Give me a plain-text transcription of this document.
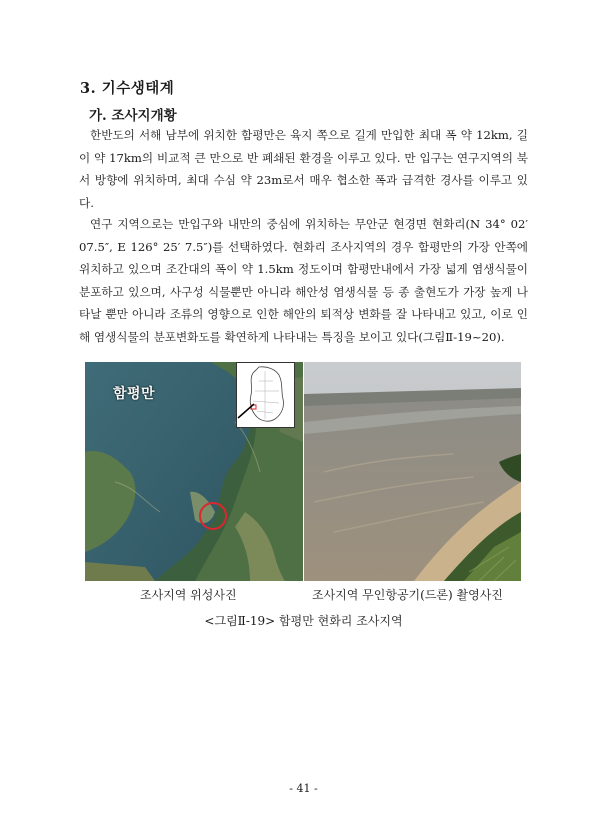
3. 기수생태계
가. 조사지개황

한반도의 서해 남부에 위치한 함평만은 육지 쪽으로 길게 만입한 최대 폭 약 12km, 길이 약 17km의 비교적 큰 만으로 반 폐쇄된 환경을 이루고 있다. 만 입구는 연구지역의 북서 방향에 위치하며, 최대 수심 약 23m로서 매우 협소한 폭과 급격한 경사를 이루고 있다.

연구 지역으로는 만입구와 내만의 중심에 위치하는 무안군 현경면 현화리(N 34° 02′ 07.5″, E 126° 25′ 7.5″)를 선택하였다. 현화리 조사지역의 경우 함평만의 가장 안쪽에 위치하고 있으며 조간대의 폭이 약 1.5km 정도이며 함평만내에서 가장 넓게 염생식물이 분포하고 있으며, 사구성 식물뿐만 아니라 해안성 염생식물 등 종 출현도가 가장 높게 나타날 뿐만 아니라 조류의 영향으로 인한 해안의 퇴적상 변화를 잘 나타내고 있고, 이로 인해 염생식물의 분포변화도를 확연하게 나타내는 특징을 보이고 있다(그림Ⅱ-19~20).

함평만
조사지역 위성사진	조사지역 무인항공기(드론) 촬영사진
<그림Ⅱ-19> 함평만 현화리 조사지역
- 41 -
